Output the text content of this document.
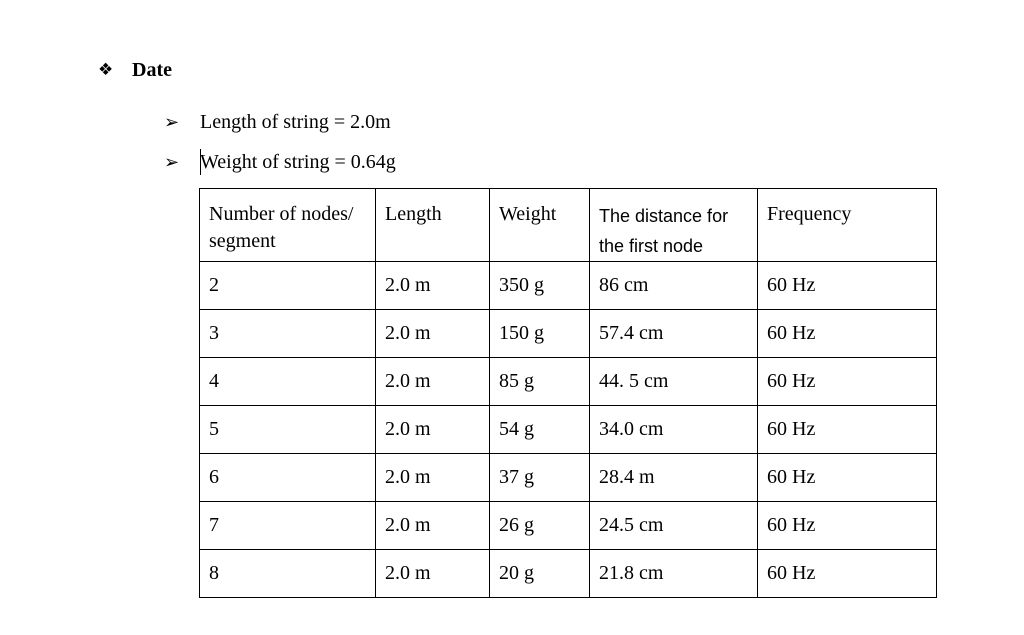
❖ Date
➢	Length of string = 2.0m
➢	Weight of string = 0.64g
Number of nodes/ segment	Length	Weight	The distance for the first node	Frequency
2	2.0 m	350 g	86 cm	60 Hz
3	2.0 m	150 g	57.4 cm	60 Hz
4	2.0 m	85 g	44. 5 cm	60 Hz
5	2.0 m	54 g	34.0 cm	60 Hz
6	2.0 m	37 g	28.4 m	60 Hz
7	2.0 m	26 g	24.5 cm	60 Hz
8	2.0 m	20 g	21.8 cm	60 Hz
